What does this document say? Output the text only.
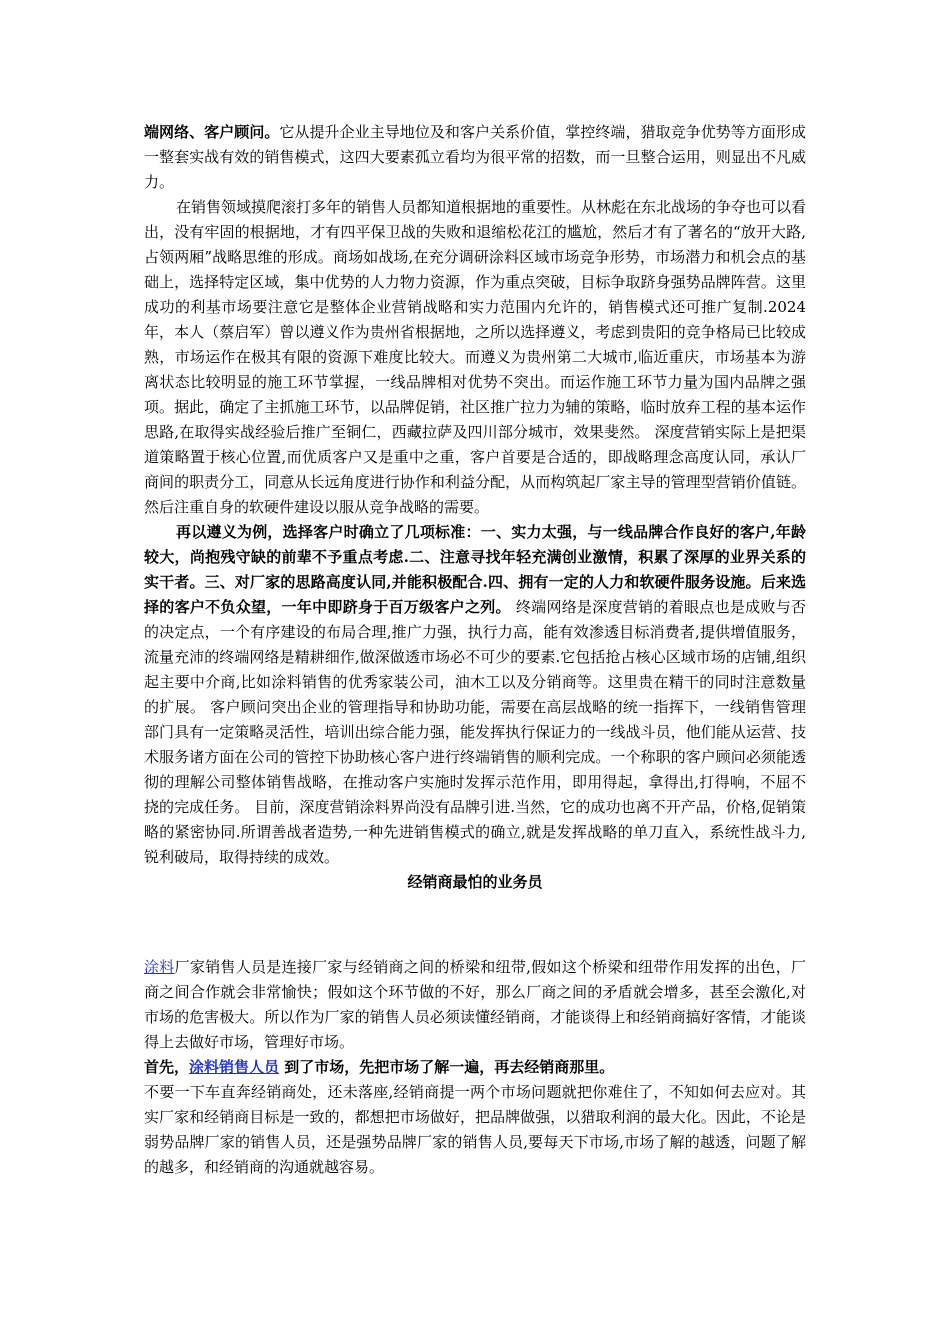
端网络、客户顾问。它从提升企业主导地位及和客户关系价值，掌控终端，猎取竞争优势等方面形成一整套实战有效的销售模式，这四大要素孤立看均为很平常的招数，而一旦整合运用，则显出不凡威力。

在销售领域摸爬滚打多年的销售人员都知道根据地的重要性。从林彪在东北战场的争夺也可以看出，没有牢固的根据地，才有四平保卫战的失败和退缩松花江的尴尬，然后才有了著名的“放开大路,占领两厢”战略思维的形成。商场如战场,在充分调研涂料区域市场竞争形势，市场潜力和机会点的基础上，选择特定区域，集中优势的人力物力资源，作为重点突破，目标争取跻身强势品牌阵营。这里成功的利基市场要注意它是整体企业营销战略和实力范围内允许的，销售模式还可推广复制.2024年，本人（蔡启军）曾以遵义作为贵州省根据地，之所以选择遵义，考虑到贵阳的竞争格局已比较成熟，市场运作在极其有限的资源下难度比较大。而遵义为贵州第二大城市,临近重庆，市场基本为游离状态比较明显的施工环节掌握，一线品牌相对优势不突出。而运作施工环节力量为国内品牌之强项。据此，确定了主抓施工环节，以品牌促销，社区推广拉力为辅的策略，临时放弃工程的基本运作思路,在取得实战经验后推广至铜仁，西藏拉萨及四川部分城市，效果斐然。 深度营销实际上是把渠道策略置于核心位置,而优质客户又是重中之重，客户首要是合适的，即战略理念高度认同，承认厂商间的职责分工，同意从长远角度进行协作和利益分配，从而构筑起厂家主导的管理型营销价值链。然后注重自身的软硬件建设以服从竞争战略的需要。

再以遵义为例，选择客户时确立了几项标准：一、实力太强，与一线品牌合作良好的客户,年龄较大，尚抱残守缺的前辈不予重点考虑.二、注意寻找年轻充满创业激情，积累了深厚的业界关系的实干者。三、对厂家的思路高度认同,并能积极配合.四、拥有一定的人力和软硬件服务设施。后来选择的客户不负众望，一年中即跻身于百万级客户之列。 终端网络是深度营销的着眼点也是成败与否的决定点，一个有序建设的布局合理,推广力强，执行力高，能有效渗透目标消费者,提供增值服务，流量充沛的终端网络是精耕细作,做深做透市场必不可少的要素.它包括抢占核心区域市场的店铺,组织起主要中介商,比如涂料销售的优秀家装公司，油木工以及分销商等。这里贵在精干的同时注意数量的扩展。 客户顾问突出企业的管理指导和协助功能，需要在高层战略的统一指挥下，一线销售管理部门具有一定策略灵活性，培训出综合能力强，能发挥执行保证力的一线战斗员，他们能从运营、技术服务诸方面在公司的管控下协助核心客户进行终端销售的顺利完成。一个称职的客户顾问必须能透彻的理解公司整体销售战略，在推动客户实施时发挥示范作用，即用得起，拿得出,打得响，不屈不挠的完成任务。 目前，深度营销涂料界尚没有品牌引进.当然，它的成功也离不开产品，价格,促销策略的紧密协同.所谓善战者造势,一种先进销售模式的确立,就是发挥战略的单刀直入，系统性战斗力,锐利破局，取得持续的成效。

经销商最怕的业务员

涂料厂家销售人员是连接厂家与经销商之间的桥梁和纽带,假如这个桥梁和纽带作用发挥的出色，厂商之间合作就会非常愉快；假如这个环节做的不好，那么厂商之间的矛盾就会增多，甚至会激化,对市场的危害极大。所以作为厂家的销售人员必须读懂经销商，才能谈得上和经销商搞好客情，才能谈得上去做好市场，管理好市场。

首先，涂料销售人员 到了市场，先把市场了解一遍，再去经销商那里。

不要一下车直奔经销商处，还未落座,经销商提一两个市场问题就把你难住了，不知如何去应对。其实厂家和经销商目标是一致的，都想把市场做好，把品牌做强，以猎取利润的最大化。因此，不论是弱势品牌厂家的销售人员，还是强势品牌厂家的销售人员,要每天下市场,市场了解的越透，问题了解的越多，和经销商的沟通就越容易。
